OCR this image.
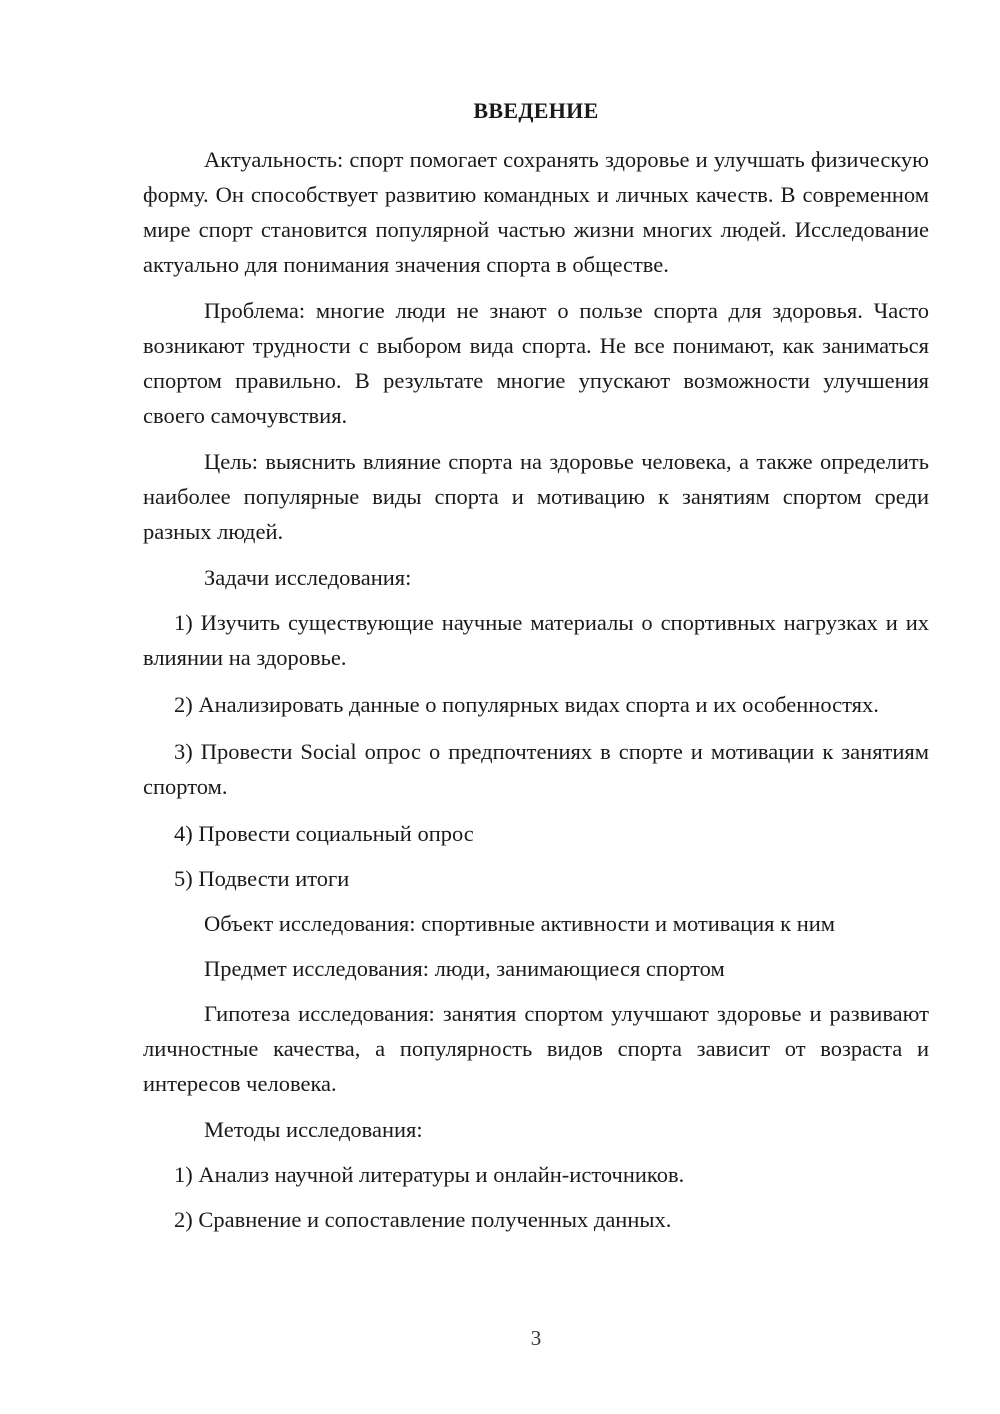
ВВЕДЕНИЕ

Актуальность: спорт помогает сохранять здоровье и улучшать физическую форму. Он способствует развитию командных и личных качеств. В современном мире спорт становится популярной частью жизни многих людей. Исследование актуально для понимания значения спорта в обществе.

Проблема: многие люди не знают о пользе спорта для здоровья. Часто возникают трудности с выбором вида спорта. Не все понимают, как заниматься спортом правильно. В результате многие упускают возможности улучшения своего самочувствия.

Цель: выяснить влияние спорта на здоровье человека, а также определить наиболее популярные виды спорта и мотивацию к занятиям спортом среди разных людей.

Задачи исследования:

1) Изучить существующие научные материалы о спортивных нагрузках и их влиянии на здоровье.

2) Анализировать данные о популярных видах спорта и их особенностях.

3) Провести Social опрос о предпочтениях в спорте и мотивации к занятиям спортом.

4) Провести социальный опрос

5) Подвести итоги

Объект исследования: спортивные активности и мотивация к ним

Предмет исследования: люди, занимающиеся спортом

Гипотеза исследования: занятия спортом улучшают здоровье и развивают личностные качества, а популярность видов спорта зависит от возраста и интересов человека.

Методы исследования:

1) Анализ научной литературы и онлайн-источников.

2) Сравнение и сопоставление полученных данных.

3
